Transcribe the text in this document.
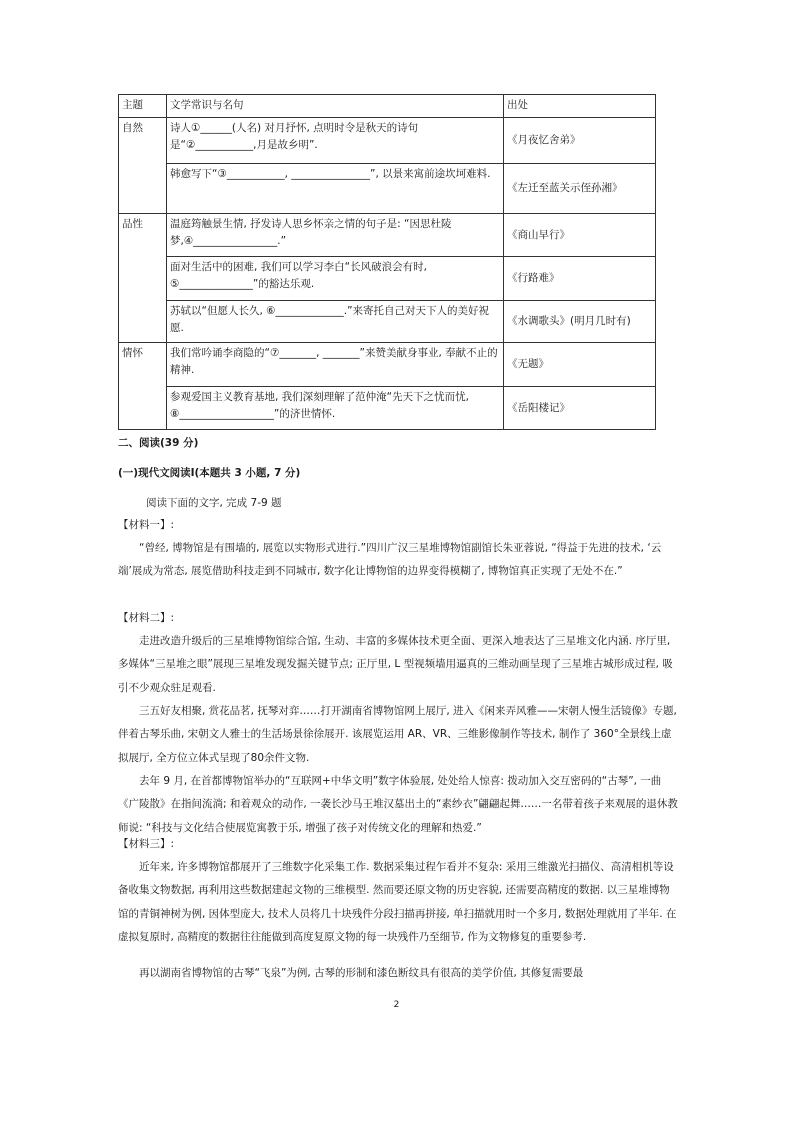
主题	文学常识与名句	出处
自然	诗人①______(人名) 对月抒怀, 点明时令是秋天的诗句是“②___________,月是故乡明”.	《月夜忆舍弟》
	韩愈写下“③___________, _______________”, 以景来寓前途坎坷难料.	《左迁至蓝关示侄孙湘》
品性	温庭筠触景生情, 抒发诗人思乡怀亲之情的句子是: “因思杜陵梦,④________________.”	《商山早行》
	面对生活中的困难, 我们可以学习李白“长风破浪会有时, ⑤______________”的豁达乐观.	《行路难》
	苏轼以“但愿人长久, ⑥_____________.”来寄托自己对天下人的美好祝愿.	《水调歌头》(明月几时有)
情怀	我们常吟诵李商隐的“⑦_______, _______”来赞美献身事业, 奉献不止的精神.	《无题》
	参观爱国主义教育基地, 我们深刻理解了范仲淹“先天下之忧而忧, ⑧__________________”的济世情怀.	《岳阳楼记》
二、阅读(39 分)
(一)现代文阅读Ⅰ(本题共 3 小题, 7 分)
阅读下面的文字, 完成 7-9 题
【材料一】:
“曾经, 博物馆是有围墙的, 展览以实物形式进行.”四川广汉三星堆博物馆副馆长朱亚蓉说, “得益于先进的技术, ‘云端’展成为常态, 展览借助科技走到不同城市, 数字化让博物馆的边界变得模糊了, 博物馆真正实现了无处不在.”
【材料二】:
走进改造升级后的三星堆博物馆综合馆, 生动、丰富的多媒体技术更全面、更深入地表达了三星堆文化内涵. 序厅里, 多媒体“三星堆之眼”展现三星堆发现发掘关键节点; 正厅里, L 型视频墙用逼真的三维动画呈现了三星堆古城形成过程, 吸引不少观众驻足观看.
三五好友相聚, 赏花品茗, 抚琴对弈……打开湖南省博物馆网上展厅, 进入《闲来弄风雅——宋朝人慢生活镜像》专题, 伴着古琴乐曲, 宋朝文人雅士的生活场景徐徐展开. 该展览运用 AR、VR、三维影像制作等技术, 制作了 360°全景线上虚拟展厅, 全方位立体式呈现了80余件文物.
去年 9 月, 在首都博物馆举办的“互联网+中华文明”数字体验展, 处处给人惊喜: 拨动加入交互密码的“古琴”, 一曲《广陵散》在指间流淌; 和着观众的动作, 一袭长沙马王堆汉墓出土的“素纱衣”翩翩起舞……一名带着孩子来观展的退休教师说: “科技与文化结合使展览寓教于乐, 增强了孩子对传统文化的理解和热爱.”
【材料三】:
近年来, 许多博物馆都展开了三维数字化采集工作. 数据采集过程乍看并不复杂: 采用三维激光扫描仪、高清相机等设备收集文物数据, 再利用这些数据建起文物的三维模型. 然而要还原文物的历史容貌, 还需要高精度的数据. 以三星堆博物馆的青铜神树为例, 因体型庞大, 技术人员将几十块残件分段扫描再拼接, 单扫描就用时一个多月, 数据处理就用了半年. 在虚拟复原时, 高精度的数据往往能做到高度复原文物的每一块残件乃至细节, 作为文物修复的重要参考.
再以湖南省博物馆的古琴“飞泉”为例, 古琴的形制和漆色断纹具有很高的美学价值, 其修复需要最
2
